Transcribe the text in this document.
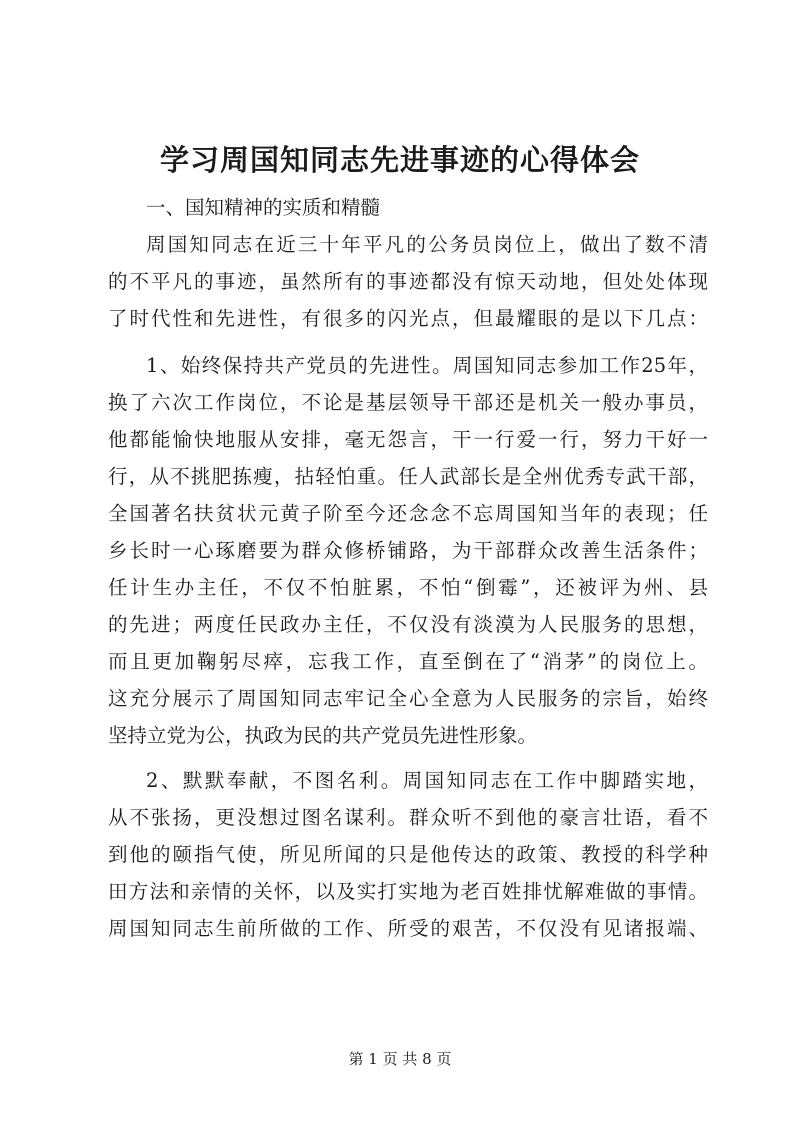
学习周国知同志先进事迹的心得体会
一、国知精神的实质和精髓
周国知同志在近三十年平凡的公务员岗位上，做出了数不清
的不平凡的事迹，虽然所有的事迹都没有惊天动地，但处处体现
了时代性和先进性，有很多的闪光点，但最耀眼的是以下几点：
1、始终保持共产党员的先进性。周国知同志参加工作25年，
换了六次工作岗位，不论是基层领导干部还是机关一般办事员，
他都能愉快地服从安排，毫无怨言，干一行爱一行，努力干好一
行，从不挑肥拣瘦，拈轻怕重。任人武部长是全州优秀专武干部，
全国著名扶贫状元黄子阶至今还念念不忘周国知当年的表现；任
乡长时一心琢磨要为群众修桥铺路，为干部群众改善生活条件；
任计生办主任，不仅不怕脏累，不怕“倒霉”，还被评为州、县
的先进；两度任民政办主任，不仅没有淡漠为人民服务的思想，
而且更加鞠躬尽瘁，忘我工作，直至倒在了“消茅”的岗位上。
这充分展示了周国知同志牢记全心全意为人民服务的宗旨，始终
坚持立党为公，执政为民的共产党员先进性形象。
2、默默奉献，不图名利。周国知同志在工作中脚踏实地，
从不张扬，更没想过图名谋利。群众听不到他的豪言壮语，看不
到他的颐指气使，所见所闻的只是他传达的政策、教授的科学种
田方法和亲情的关怀，以及实打实地为老百姓排忧解难做的事情。
周国知同志生前所做的工作、所受的艰苦，不仅没有见诸报端、
第 1 页 共 8 页
